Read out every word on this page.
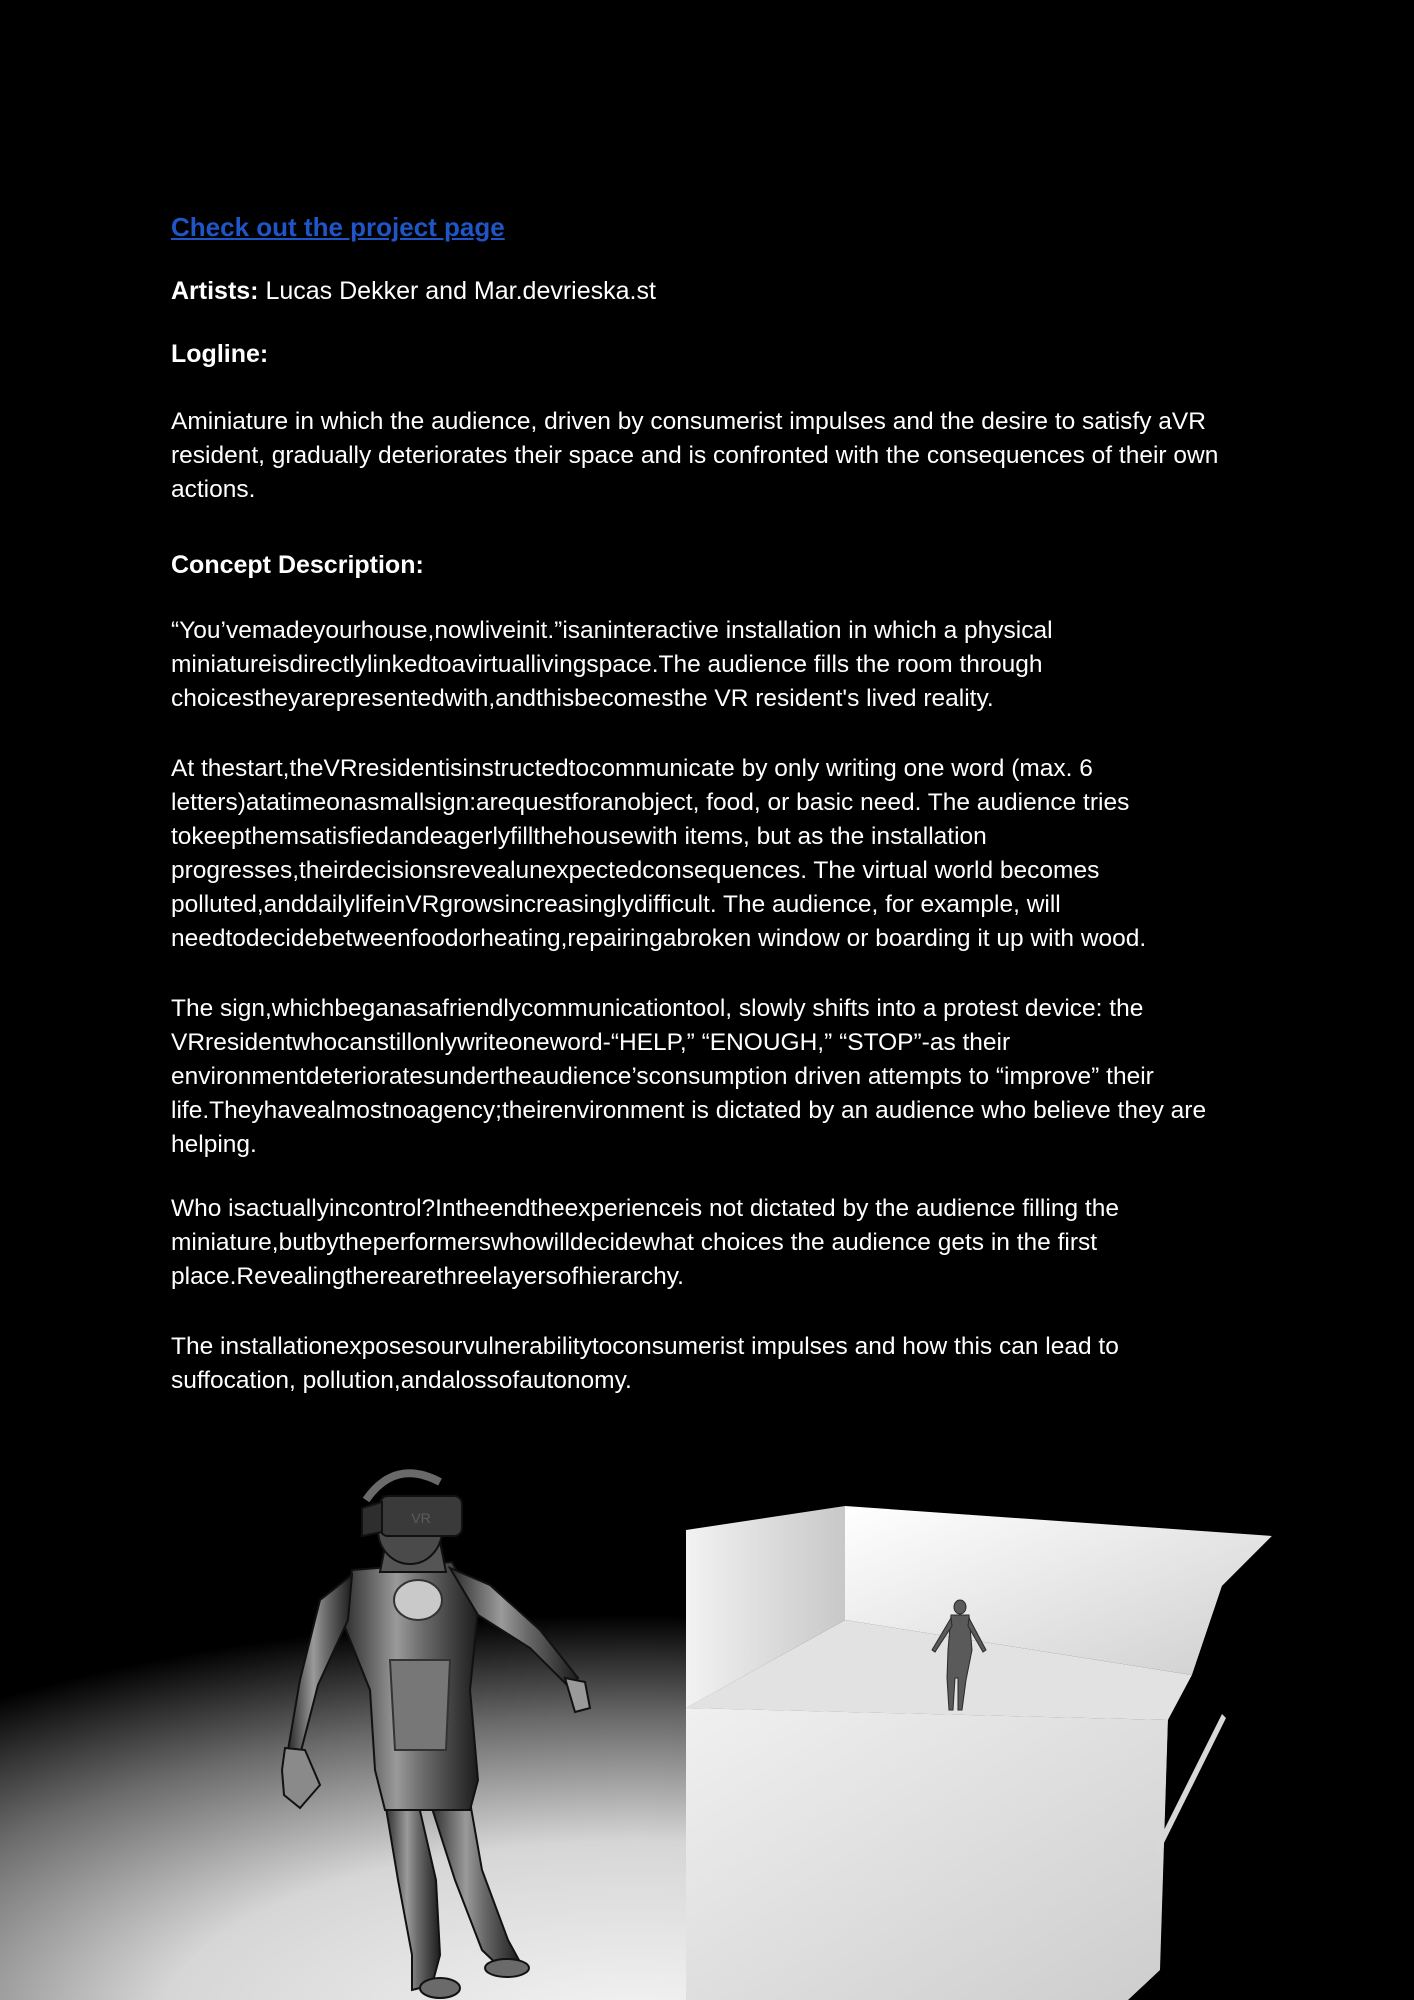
Check out the project page
Artists: Lucas Dekker and Mar.devrieska.st
Logline:

Aminiature in which the audience, driven by consumerist impulses and the desire to satisfy aVR resident, gradually deteriorates their space and is confronted with the consequences of their own actions.

Concept Description:

“You’vemadeyourhouse,nowliveinit.”isaninteractive installation in which a physical miniatureisdirectlylinkedtoavirtuallivingspace.The audience fills the room through choicestheyarepresentedwith,andthisbecomesthe VR resident's lived reality.

At thestart,theVRresidentisinstructedtocommunicate by only writing one word (max. 6 letters)atatimeonasmallsign:arequestforanobject, food, or basic need. The audience tries tokeepthemsatisfiedandeagerlyfillthehousewith items, but as the installation progresses,theirdecisionsrevealunexpectedconsequences. The virtual world becomes polluted,anddailylifeinVRgrowsincreasinglydifficult. The audience, for example, will needtodecidebetweenfoodorheating,repairingabroken window or boarding it up with wood.

The sign,whichbeganasafriendlycommunicationtool, slowly shifts into a protest device: the VRresidentwhocanstillonlywriteoneword-“HELP,” “ENOUGH,” “STOP”-as their environmentdeterioratesundertheaudience’sconsumption driven attempts to “improve” their life.Theyhavealmostnoagency;theirenvironment is dictated by an audience who believe they are helping.

Who isactuallyincontrol?Intheendtheexperienceis not dictated by the audience filling the miniature,butbytheperformerswhowilldecidewhat choices the audience gets in the first place.Revealingtherearethreelayersofhierarchy.

The installationexposesourvulnerabilitytoconsumerist impulses and how this can lead to suffocation, pollution,andalossofautonomy.

VR
